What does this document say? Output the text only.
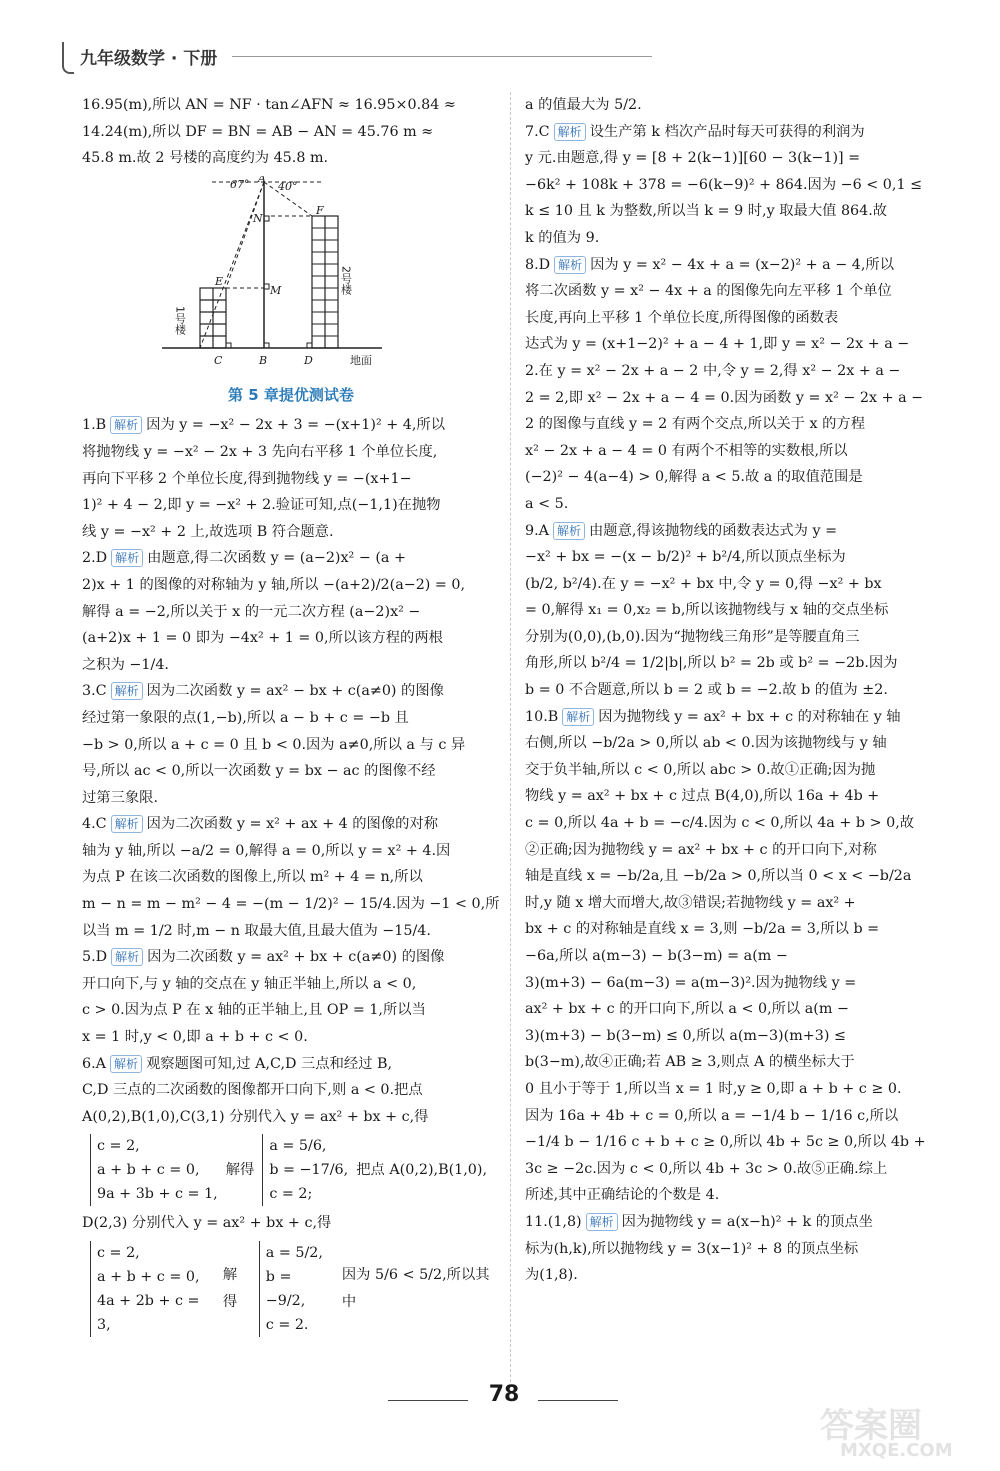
九年级数学 · 下册

16.95(m),所以 AN = NF · tan∠AFN ≈ 16.95×0.84 ≈

14.24(m),所以 DF = BN = AB − AN = 45.76 m ≈

45.8 m.故 2 号楼的高度约为 45.8 m.

67°	40°
A
N
F
E
M
C	B	D
1号楼
2号楼
地面
第 5 章提优测试卷

1.B 解析 因为 y = −x² − 2x + 3 = −(x+1)² + 4,所以

将抛物线 y = −x² − 2x + 3 先向右平移 1 个单位长度,

再向下平移 2 个单位长度,得到抛物线 y = −(x+1−

1)² + 4 − 2,即 y = −x² + 2.验证可知,点(−1,1)在抛物

线 y = −x² + 2 上,故选项 B 符合题意.

2.D 解析 由题意,得二次函数 y = (a−2)x² − (a +

2)x + 1 的图像的对称轴为 y 轴,所以 −(a+2)/2(a−2) = 0,

解得 a = −2,所以关于 x 的一元二次方程 (a−2)x² −

(a+2)x + 1 = 0 即为 −4x² + 1 = 0,所以该方程的两根

之积为 −1/4.

3.C 解析 因为二次函数 y = ax² − bx + c(a≠0) 的图像

经过第一象限的点(1,−b),所以 a − b + c = −b 且

−b > 0,所以 a + c = 0 且 b < 0.因为 a≠0,所以 a 与 c 异

号,所以 ac < 0,所以一次函数 y = bx − ac 的图像不经

过第三象限.

4.C 解析 因为二次函数 y = x² + ax + 4 的图像的对称

轴为 y 轴,所以 −a/2 = 0,解得 a = 0,所以 y = x² + 4.因

为点 P 在该二次函数的图像上,所以 m² + 4 = n,所以

m − n = m − m² − 4 = −(m − 1/2)² − 15/4.因为 −1 < 0,所

以当 m = 1/2 时,m − n 取最大值,且最大值为 −15/4.

5.D 解析 因为二次函数 y = ax² + bx + c(a≠0) 的图像

开口向下,与 y 轴的交点在 y 轴正半轴上,所以 a < 0,

c > 0.因为点 P 在 x 轴的正半轴上,且 OP = 1,所以当

x = 1 时,y < 0,即 a + b + c < 0.

6.A 解析 观察题图可知,过 A,C,D 三点和经过 B,

C,D 三点的二次函数的图像都开口向下,则 a < 0.把点

A(0,2),B(1,0),C(3,1) 分别代入 y = ax² + bx + c,得

c = 2,
a + b + c = 0,
9a + 3b + c = 1,
解得
a = 5/6,
b = −17/6,
c = 2;
把点 A(0,2),B(1,0),

D(2,3) 分别代入 y = ax² + bx + c,得

c = 2,
a + b + c = 0,
4a + 2b + c = 3,
解得
a = 5/2,
b = −9/2,
c = 2.
因为 5/6 < 5/2,所以其中

a 的值最大为 5/2.

7.C 解析 设生产第 k 档次产品时每天可获得的利润为

y 元.由题意,得 y = [8 + 2(k−1)][60 − 3(k−1)] =

−6k² + 108k + 378 = −6(k−9)² + 864.因为 −6 < 0,1 ≤

k ≤ 10 且 k 为整数,所以当 k = 9 时,y 取最大值 864.故

k 的值为 9.

8.D 解析 因为 y = x² − 4x + a = (x−2)² + a − 4,所以

将二次函数 y = x² − 4x + a 的图像先向左平移 1 个单位

长度,再向上平移 1 个单位长度,所得图像的函数表

达式为 y = (x+1−2)² + a − 4 + 1,即 y = x² − 2x + a −

2.在 y = x² − 2x + a − 2 中,令 y = 2,得 x² − 2x + a −

2 = 2,即 x² − 2x + a − 4 = 0.因为函数 y = x² − 2x + a −

2 的图像与直线 y = 2 有两个交点,所以关于 x 的方程

x² − 2x + a − 4 = 0 有两个不相等的实数根,所以

(−2)² − 4(a−4) > 0,解得 a < 5.故 a 的取值范围是

a < 5.

9.A 解析 由题意,得该抛物线的函数表达式为 y =

−x² + bx = −(x − b/2)² + b²/4,所以顶点坐标为

(b/2, b²/4).在 y = −x² + bx 中,令 y = 0,得 −x² + bx

= 0,解得 x₁ = 0,x₂ = b,所以该抛物线与 x 轴的交点坐标

分别为(0,0),(b,0).因为“抛物线三角形”是等腰直角三

角形,所以 b²/4 = 1/2|b|,所以 b² = 2b 或 b² = −2b.因为

b = 0 不合题意,所以 b = 2 或 b = −2.故 b 的值为 ±2.

10.B 解析 因为抛物线 y = ax² + bx + c 的对称轴在 y 轴

右侧,所以 −b/2a > 0,所以 ab < 0.因为该抛物线与 y 轴

交于负半轴,所以 c < 0,所以 abc > 0.故①正确;因为抛

物线 y = ax² + bx + c 过点 B(4,0),所以 16a + 4b +

c = 0,所以 4a + b = −c/4.因为 c < 0,所以 4a + b > 0,故

②正确;因为抛物线 y = ax² + bx + c 的开口向下,对称

轴是直线 x = −b/2a,且 −b/2a > 0,所以当 0 < x < −b/2a

时,y 随 x 增大而增大,故③错误;若抛物线 y = ax² +

bx + c 的对称轴是直线 x = 3,则 −b/2a = 3,所以 b =

−6a,所以 a(m−3) − b(3−m) = a(m −

3)(m+3) − 6a(m−3) = a(m−3)².因为抛物线 y =

ax² + bx + c 的开口向下,所以 a < 0,所以 a(m −

3)(m+3) − b(3−m) ≤ 0,所以 a(m−3)(m+3) ≤

b(3−m),故④正确;若 AB ≥ 3,则点 A 的横坐标大于

0 且小于等于 1,所以当 x = 1 时,y ≥ 0,即 a + b + c ≥ 0.

因为 16a + 4b + c = 0,所以 a = −1/4 b − 1/16 c,所以

−1/4 b − 1/16 c + b + c ≥ 0,所以 4b + 5c ≥ 0,所以 4b +

3c ≥ −2c.因为 c < 0,所以 4b + 3c > 0.故⑤正确.综上

所述,其中正确结论的个数是 4.

11.(1,8) 解析 因为抛物线 y = a(x−h)² + k 的顶点坐

标为(h,k),所以抛物线 y = 3(x−1)² + 8 的顶点坐标

为(1,8).

78
答案圈
MXQE.COM
